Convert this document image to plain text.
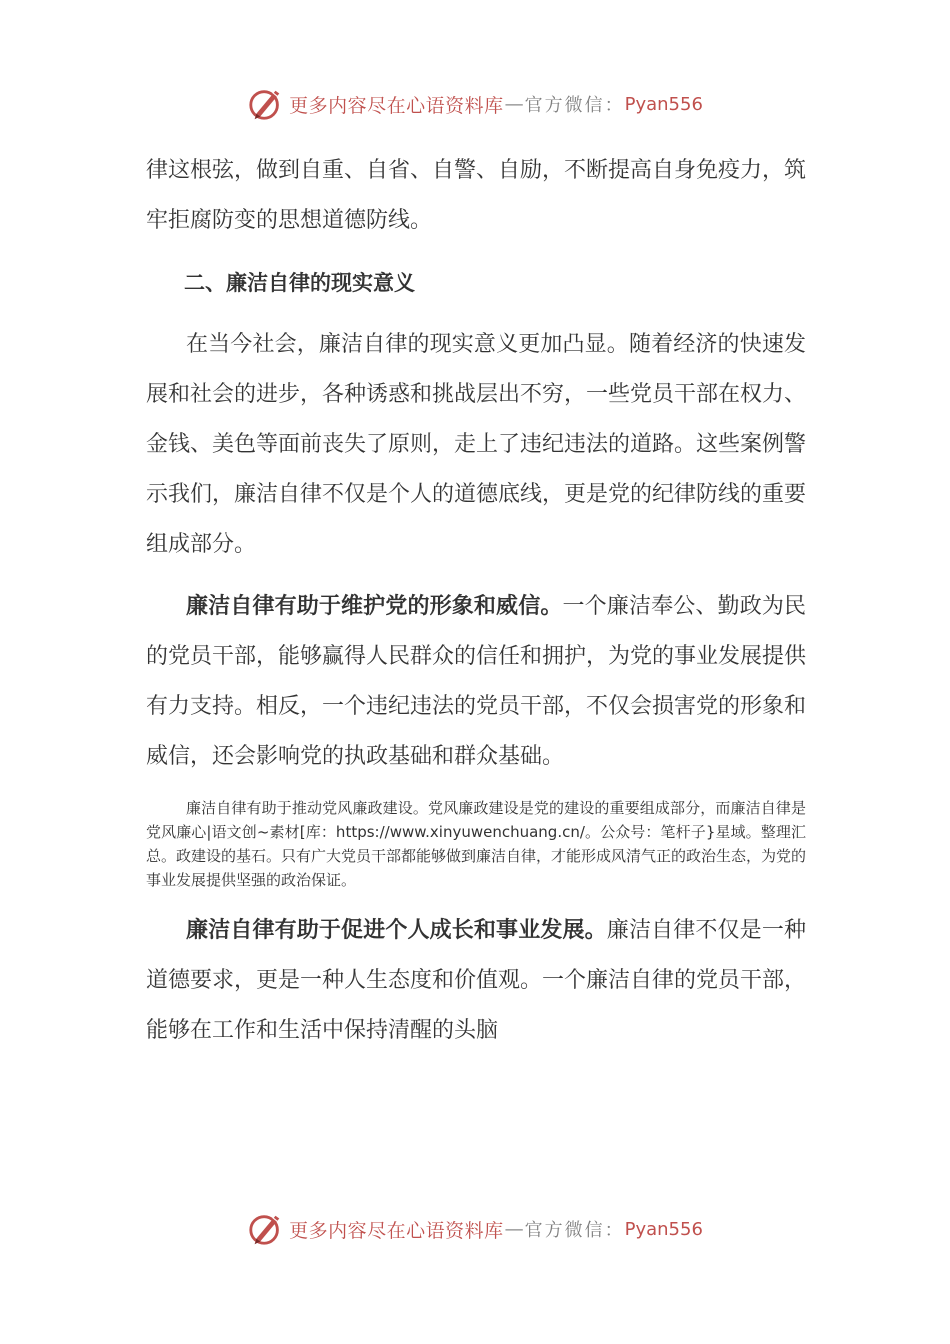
更多内容尽在心语资料库 — 官方微信： Pyan556

律这根弦，做到自重、自省、自警、自励，不断提高自身免疫力，筑牢拒腐防变的思想道德防线。

二、廉洁自律的现实意义

在当今社会，廉洁自律的现实意义更加凸显。随着经济的快速发展和社会的进步，各种诱惑和挑战层出不穷，一些党员干部在权力、金钱、美色等面前丧失了原则，走上了违纪违法的道路。这些案例警示我们，廉洁自律不仅是个人的道德底线，更是党的纪律防线的重要组成部分。

廉洁自律有助于维护党的形象和威信。一个廉洁奉公、勤政为民的党员干部，能够赢得人民群众的信任和拥护，为党的事业发展提供有力支持。相反，一个违纪违法的党员干部，不仅会损害党的形象和威信，还会影响党的执政基础和群众基础。

廉洁自律有助于推动党风廉政建设。党风廉政建设是党的建设的重要组成部分，而廉洁自律是党风廉心|语文创~素材[库：https://www.xinyuwenchuang.cn/。公众号：笔杆子}星域。整理汇总。政建设的基石。只有广大党员干部都能够做到廉洁自律，才能形成风清气正的政治生态，为党的事业发展提供坚强的政治保证。

廉洁自律有助于促进个人成长和事业发展。廉洁自律不仅是一种道德要求，更是一种人生态度和价值观。一个廉洁自律的党员干部，能够在工作和生活中保持清醒的头脑

更多内容尽在心语资料库 — 官方微信： Pyan556
